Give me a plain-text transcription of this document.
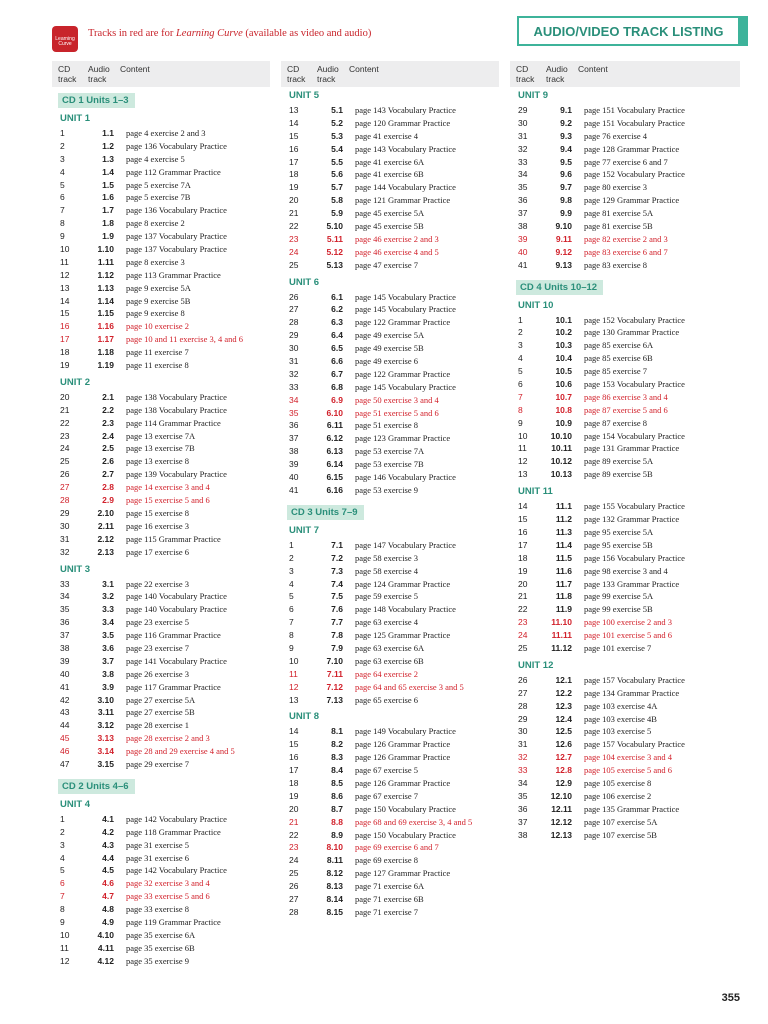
Learning Curve
Tracks in red are for Learning Curve (available as video and audio)	AUDIO/VIDEO TRACK LISTING
CD track
Audio track
Content	CD track
Audio track
Content	CD track
Audio track
Content
CD 1 Units 1–3

UNIT 1
1	1.1	page 4 exercise 2 and 3
2	1.2	page 136 Vocabulary Practice
3	1.3	page 4 exercise 5
4	1.4	page 112 Grammar Practice
5	1.5	page 5 exercise 7A
6	1.6	page 5 exercise 7B
7	1.7	page 136 Vocabulary Practice
8	1.8	page 8 exercise 2
9	1.9	page 137 Vocabulary Practice
10	1.10	page 137 Vocabulary Practice
11	1.11	page 8 exercise 3
12	1.12	page 113 Grammar Practice
13	1.13	page 9 exercise 5A
14	1.14	page 9 exercise 5B
15	1.15	page 9 exercise 8
16	1.16	page 10 exercise 2
17	1.17	page 10 and 11 exercise 3, 4 and 6
18	1.18	page 11 exercise 7
19	1.19	page 11 exercise 8
UNIT 2
20	2.1	page 138 Vocabulary Practice
21	2.2	page 138 Vocabulary Practice
22	2.3	page 114 Grammar Practice
23	2.4	page 13 exercise 7A
24	2.5	page 13 exercise 7B
25	2.6	page 13 exercise 8
26	2.7	page 139 Vocabulary Practice
27	2.8	page 14 exercise 3 and 4
28	2.9	page 15 exercise 5 and 6
29	2.10	page 15 exercise 8
30	2.11	page 16 exercise 3
31	2.12	page 115 Grammar Practice
32	2.13	page 17 exercise 6
UNIT 3
33	3.1	page 22 exercise 3
34	3.2	page 140 Vocabulary Practice
35	3.3	page 140 Vocabulary Practice
36	3.4	page 23 exercise 5
37	3.5	page 116 Grammar Practice
38	3.6	page 23 exercise 7
39	3.7	page 141 Vocabulary Practice
40	3.8	page 26 exercise 3
41	3.9	page 117 Grammar Practice
42	3.10	page 27 exercise 5A
43	3.11	page 27 exercise 5B
44	3.12	page 28 exercise 1
45	3.13	page 28 exercise 2 and 3
46	3.14	page 28 and 29 exercise 4 and 5
47	3.15	page 29 exercise 7
CD 2 Units 4–6

UNIT 4
1	4.1	page 142 Vocabulary Practice
2	4.2	page 118 Grammar Practice
3	4.3	page 31 exercise 5
4	4.4	page 31 exercise 6
5	4.5	page 142 Vocabulary Practice
6	4.6	page 32 exercise 3 and 4
7	4.7	page 33 exercise 5 and 6
8	4.8	page 33 exercise 8
9	4.9	page 119 Grammar Practice
10	4.10	page 35 exercise 6A
11	4.11	page 35 exercise 6B
12	4.12	page 35 exercise 9
UNIT 5
13	5.1	page 143 Vocabulary Practice
14	5.2	page 120 Grammar Practice
15	5.3	page 41 exercise 4
16	5.4	page 143 Vocabulary Practice
17	5.5	page 41 exercise 6A
18	5.6	page 41 exercise 6B
19	5.7	page 144 Vocabulary Practice
20	5.8	page 121 Grammar Practice
21	5.9	page 45 exercise 5A
22	5.10	page 45 exercise 5B
23	5.11	page 46 exercise 2 and 3
24	5.12	page 46 exercise 4 and 5
25	5.13	page 47 exercise 7
UNIT 6
26	6.1	page 145 Vocabulary Practice
27	6.2	page 145 Vocabulary Practice
28	6.3	page 122 Grammar Practice
29	6.4	page 49 exercise 5A
30	6.5	page 49 exercise 5B
31	6.6	page 49 exercise 6
32	6.7	page 122 Grammar Practice
33	6.8	page 145 Vocabulary Practice
34	6.9	page 50 exercise 3 and 4
35	6.10	page 51 exercise 5 and 6
36	6.11	page 51 exercise 8
37	6.12	page 123 Grammar Practice
38	6.13	page 53 exercise 7A
39	6.14	page 53 exercise 7B
40	6.15	page 146 Vocabulary Practice
41	6.16	page 53 exercise 9
CD 3 Units 7–9

UNIT 7
1	7.1	page 147 Vocabulary Practice
2	7.2	page 58 exercise 3
3	7.3	page 58 exercise 4
4	7.4	page 124 Grammar Practice
5	7.5	page 59 exercise 5
6	7.6	page 148 Vocabulary Practice
7	7.7	page 63 exercise 4
8	7.8	page 125 Grammar Practice
9	7.9	page 63 exercise 6A
10	7.10	page 63 exercise 6B
11	7.11	page 64 exercise 2
12	7.12	page 64 and 65 exercise 3 and 5
13	7.13	page 65 exercise 6
UNIT 8
14	8.1	page 149 Vocabulary Practice
15	8.2	page 126 Grammar Practice
16	8.3	page 126 Grammar Practice
17	8.4	page 67 exercise 5
18	8.5	page 126 Grammar Practice
19	8.6	page 67 exercise 7
20	8.7	page 150 Vocabulary Practice
21	8.8	page 68 and 69 exercise 3, 4 and 5
22	8.9	page 150 Vocabulary Practice
23	8.10	page 69 exercise 6 and 7
24	8.11	page 69 exercise 8
25	8.12	page 127 Grammar Practice
26	8.13	page 71 exercise 6A
27	8.14	page 71 exercise 6B
28	8.15	page 71 exercise 7
UNIT 9
29	9.1	page 151 Vocabulary Practice
30	9.2	page 151 Vocabulary Practice
31	9.3	page 76 exercise 4
32	9.4	page 128 Grammar Practice
33	9.5	page 77 exercise 6 and 7
34	9.6	page 152 Vocabulary Practice
35	9.7	page 80 exercise 3
36	9.8	page 129 Grammar Practice
37	9.9	page 81 exercise 5A
38	9.10	page 81 exercise 5B
39	9.11	page 82 exercise 2 and 3
40	9.12	page 83 exercise 6 and 7
41	9.13	page 83 exercise 8
CD 4 Units 10–12

UNIT 10
1	10.1	page 152 Vocabulary Practice
2	10.2	page 130 Grammar Practice
3	10.3	page 85 exercise 6A
4	10.4	page 85 exercise 6B
5	10.5	page 85 exercise 7
6	10.6	page 153 Vocabulary Practice
7	10.7	page 86 exercise 3 and 4
8	10.8	page 87 exercise 5 and 6
9	10.9	page 87 exercise 8
10	10.10	page 154 Vocabulary Practice
11	10.11	page 131 Grammar Practice
12	10.12	page 89 exercise 5A
13	10.13	page 89 exercise 5B
UNIT 11
14	11.1	page 155 Vocabulary Practice
15	11.2	page 132 Grammar Practice
16	11.3	page 95 exercise 5A
17	11.4	page 95 exercise 5B
18	11.5	page 156 Vocabulary Practice
19	11.6	page 98 exercise 3 and 4
20	11.7	page 133 Grammar Practice
21	11.8	page 99 exercise 5A
22	11.9	page 99 exercise 5B
23	11.10	page 100 exercise 2 and 3
24	11.11	page 101 exercise 5 and 6
25	11.12	page 101 exercise 7
UNIT 12
26	12.1	page 157 Vocabulary Practice
27	12.2	page 134 Grammar Practice
28	12.3	page 103 exercise 4A
29	12.4	page 103 exercise 4B
30	12.5	page 103 exercise 5
31	12.6	page 157 Vocabulary Practice
32	12.7	page 104 exercise 3 and 4
33	12.8	page 105 exercise 5 and 6
34	12.9	page 105 exercise 8
35	12.10	page 106 exercise 2
36	12.11	page 135 Grammar Practice
37	12.12	page 107 exercise 5A
38	12.13	page 107 exercise 5B
355
